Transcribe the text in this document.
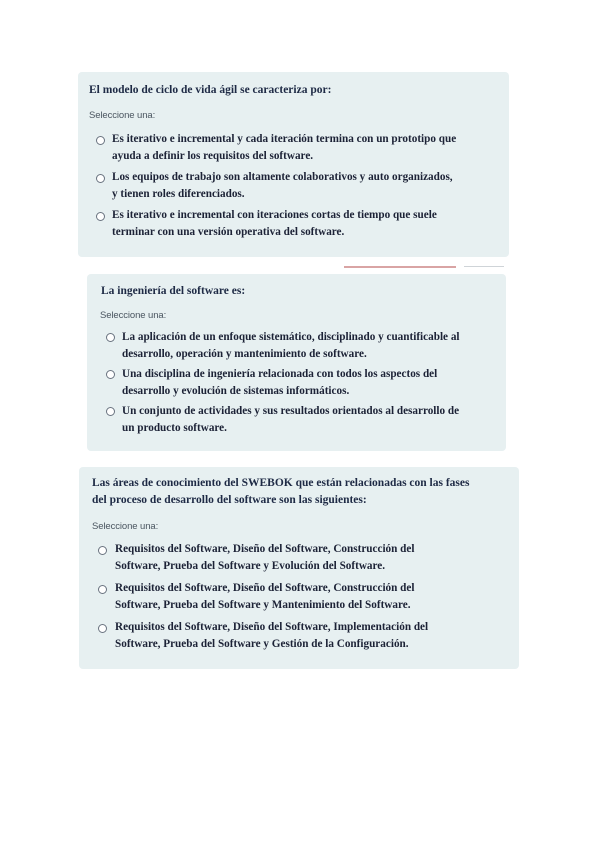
El modelo de ciclo de vida ágil se caracteriza por:

Seleccione una:
Es iterativo e incremental y cada iteración termina con un prototipo que
ayuda a definir los requisitos del software.
Los equipos de trabajo son altamente colaborativos y auto organizados,
y tienen roles diferenciados.
Es iterativo e incremental con iteraciones cortas de tiempo que suele
terminar con una versión operativa del software.

La ingeniería del software es:

Seleccione una:
La aplicación de un enfoque sistemático, disciplinado y cuantificable al
desarrollo, operación y mantenimiento de software.
Una disciplina de ingeniería relacionada con todos los aspectos del
desarrollo y evolución de sistemas informáticos.
Un conjunto de actividades y sus resultados orientados al desarrollo de
un producto software.
Las áreas de conocimiento del SWEBOK que están relacionadas con las fases
del proceso de desarrollo del software son las siguientes:
Seleccione una:
Requisitos del Software, Diseño del Software, Construcción del
Software, Prueba del Software y Evolución del Software.
Requisitos del Software, Diseño del Software, Construcción del
Software, Prueba del Software y Mantenimiento del Software.
Requisitos del Software, Diseño del Software, Implementación del
Software, Prueba del Software y Gestión de la Configuración.
